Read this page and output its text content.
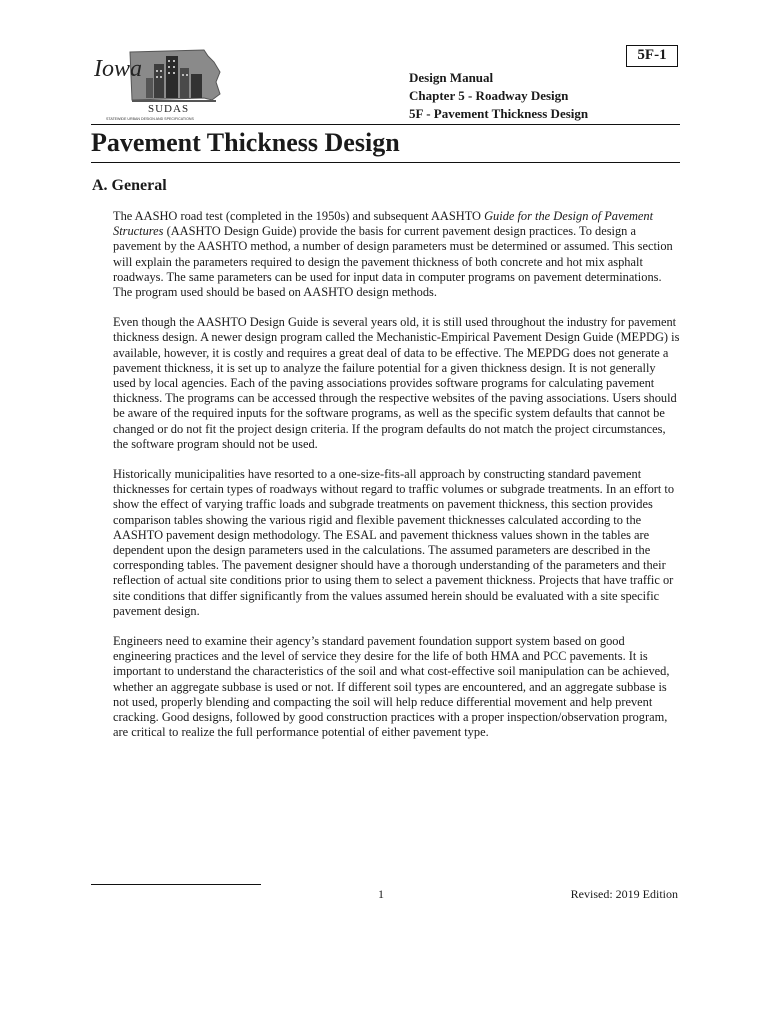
Iowa
SUDAS
STATEWIDE URBAN DESIGN AND SPECIFICATIONS
5F-1
Design Manual
Chapter 5 - Roadway Design
5F - Pavement Thickness Design
Pavement Thickness Design
A. General

The AASHO road test (completed in the 1950s) and subsequent AASHTO Guide for the Design of Pavement Structures (AASHTO Design Guide) provide the basis for current pavement design practices. To design a pavement by the AASHTO method, a number of design parameters must be determined or assumed. This section will explain the parameters required to design the pavement thickness of both concrete and hot mix asphalt roadways. The same parameters can be used for input data in computer programs on pavement determinations. The program used should be based on AASHTO design methods.

Even though the AASHTO Design Guide is several years old, it is still used throughout the industry for pavement thickness design. A newer design program called the Mechanistic-Empirical Pavement Design Guide (MEPDG) is available, however, it is costly and requires a great deal of data to be effective. The MEPDG does not generate a pavement thickness, it is set up to analyze the failure potential for a given thickness design. It is not generally used by local agencies. Each of the paving associations provides software programs for calculating pavement thickness. The programs can be accessed through the respective websites of the paving associations. Users should be aware of the required inputs for the software programs, as well as the specific system defaults that cannot be changed or do not fit the project design criteria. If the program defaults do not match the project circumstances, the software program should not be used.

Historically municipalities have resorted to a one-size-fits-all approach by constructing standard pavement thicknesses for certain types of roadways without regard to traffic volumes or subgrade treatments. In an effort to show the effect of varying traffic loads and subgrade treatments on pavement thickness, this section provides comparison tables showing the various rigid and flexible pavement thicknesses calculated according to the AASHTO pavement design methodology. The ESAL and pavement thickness values shown in the tables are dependent upon the design parameters used in the calculations. The assumed parameters are described in the corresponding tables. The pavement designer should have a thorough understanding of the parameters and their reflection of actual site conditions prior to using them to select a pavement thickness. Projects that have traffic or site conditions that differ significantly from the values assumed herein should be evaluated with a site specific pavement design.

Engineers need to examine their agency’s standard pavement foundation support system based on good engineering practices and the level of service they desire for the life of both HMA and PCC pavements. It is important to understand the characteristics of the soil and what cost-effective soil manipulation can be achieved, whether an aggregate subbase is used or not. If different soil types are encountered, and an aggregate subbase is not used, properly blending and compacting the soil will help reduce differential movement and help prevent cracking. Good designs, followed by good construction practices with a proper inspection/observation program, are critical to realize the full performance potential of either pavement type.

1	Revised: 2019 Edition
